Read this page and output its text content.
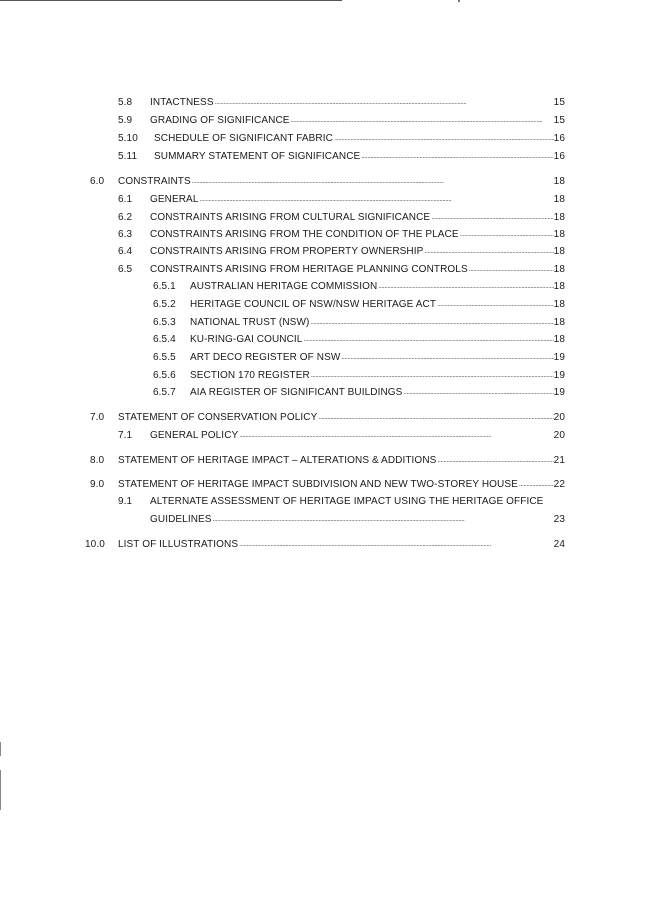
5.8 INTACTNESS . . .	15
5.9 GRADING OF SIGNIFICANCE . . .	15
5.10 SCHEDULE OF SIGNIFICANT FABRIC . . .	16
5.11 SUMMARY STATEMENT OF SIGNIFICANCE . . .	16
6.0 CONSTRAINTS . . .	18
6.1 GENERAL . . .	18
6.2 CONSTRAINTS ARISING FROM CULTURAL SIGNIFICANCE . . .	18
6.3 CONSTRAINTS ARISING FROM THE CONDITION OF THE PLACE . . .	18
6.4 CONSTRAINTS ARISING FROM PROPERTY OWNERSHIP . . .	18
6.5 CONSTRAINTS ARISING FROM HERITAGE PLANNING CONTROLS . . .	18
6.5.1 AUSTRALIAN HERITAGE COMMISSION . . .	18
6.5.2 HERITAGE COUNCIL OF NSW/NSW HERITAGE ACT . . .	18
6.5.3 NATIONAL TRUST (NSW) . . .	18
6.5.4 KU-RING-GAI COUNCIL . . .	18
6.5.5 ART DECO REGISTER OF NSW . . .	19
6.5.6 SECTION 170 REGISTER . . .	19
6.5.7 AIA REGISTER OF SIGNIFICANT BUILDINGS . . .	19
7.0 STATEMENT OF CONSERVATION POLICY . . .	20
7.1 GENERAL POLICY . . .	20
8.0 STATEMENT OF HERITAGE IMPACT – ALTERATIONS & ADDITIONS . . .	21
9.0 STATEMENT OF HERITAGE IMPACT SUBDIVISION AND NEW TWO-STOREY HOUSE . . .	22
9.1 ALTERNATE ASSESSMENT OF HERITAGE IMPACT USING THE HERITAGE OFFICE
GUIDELINES . . .	23
10.0 LIST OF ILLUSTRATIONS . . .	24
